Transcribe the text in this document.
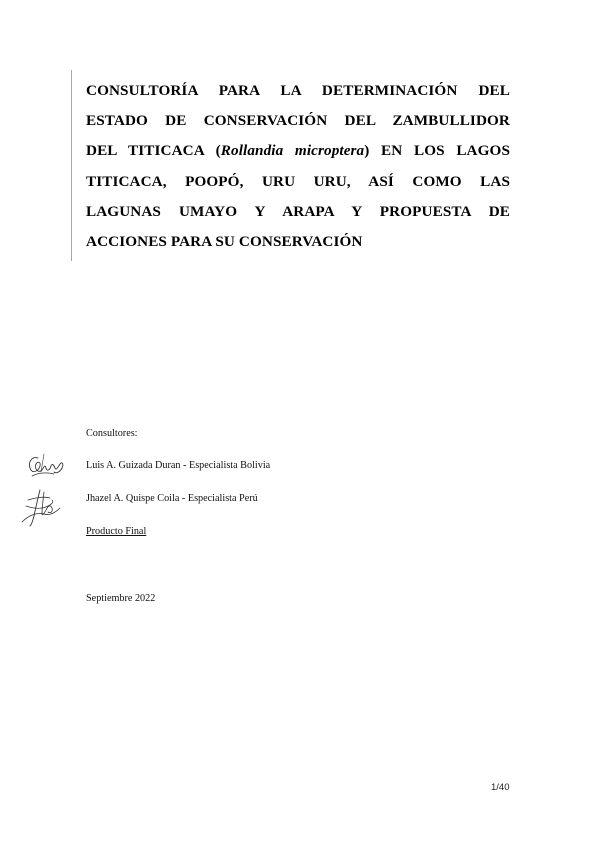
CONSULTORÍA PARA LA DETERMINACIÓN DEL
ESTADO DE CONSERVACIÓN DEL ZAMBULLIDOR
DEL TITICACA (Rollandia microptera) EN LOS LAGOS
TITICACA, POOPÓ, URU URU, ASÍ COMO LAS
LAGUNAS UMAYO Y ARAPA Y PROPUESTA DE
ACCIONES PARA SU CONSERVACIÓN
Consultores:
Luis A. Guizada Duran - Especialista Bolivia
Jhazel A. Quispe Coila - Especialista Perú
Producto Final
Septiembre 2022
1/40
